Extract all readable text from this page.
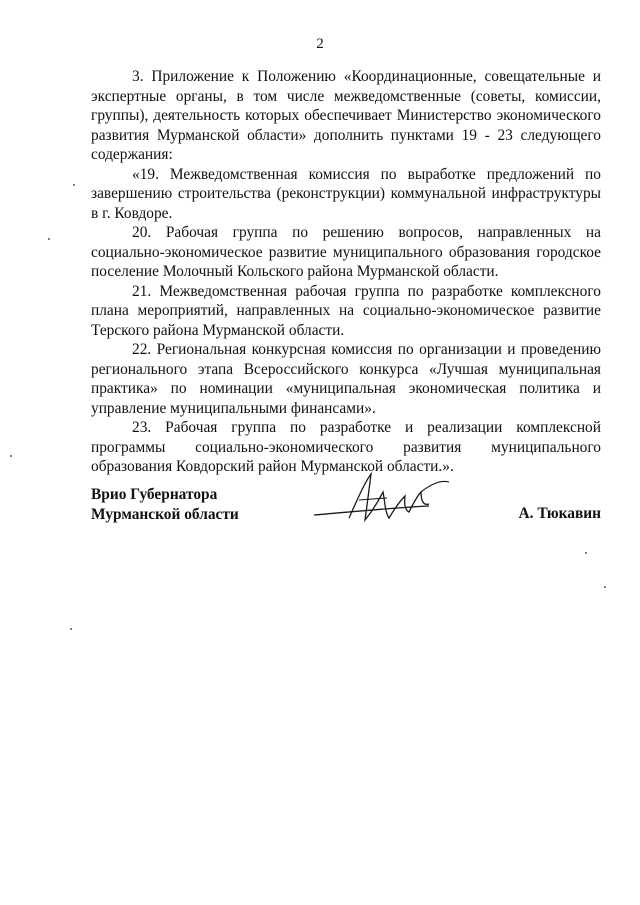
2

3. Приложение к Положению «Координационные, совещательные и экспертные органы, в том числе межведомственные (советы, комиссии, группы), деятельность которых обеспечивает Министерство экономического развития Мурманской области» дополнить пунктами 19 - 23 следующего содержания:

«19. Межведомственная комиссия по выработке предложений по завершению строительства (реконструкции) коммунальной инфраструктуры в г. Ковдоре.

20. Рабочая группа по решению вопросов, направленных на социально-экономическое развитие муниципального образования городское поселение Молочный Кольского района Мурманской области.

21. Межведомственная рабочая группа по разработке комплексного плана мероприятий, направленных на социально-экономическое развитие Терского района Мурманской области.

22. Региональная конкурсная комиссия по организации и проведению регионального этапа Всероссийского конкурса «Лучшая муниципальная практика» по номинации «муниципальная экономическая политика и управление муниципальными финансами».

23. Рабочая группа по разработке и реализации комплексной программы социально-экономического развития муниципального образования Ковдорский район Мурманской области.».

Врио Губернатора
Мурманской области	А. Тюкавин
